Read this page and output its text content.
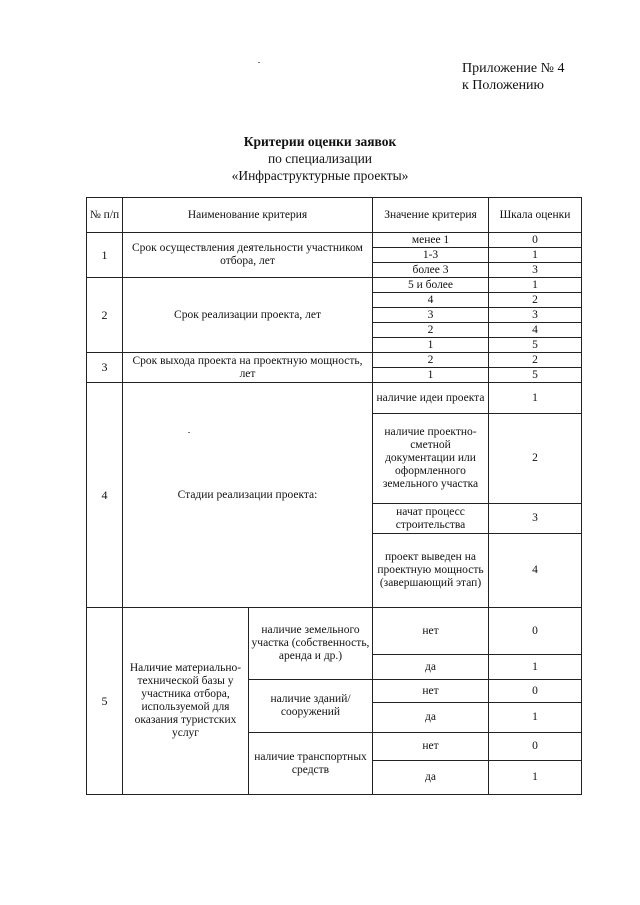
Приложение № 4
к Положению
Критерии оценки заявок
по специализации
«Инфраструктурные проекты»
№ п/п	Наименование критерия		Значение критерия	Шкала оценки
1	Срок осуществления деятельности участником отбора, лет		менее 1	0
			1-3	1
			более 3	3
2	Срок реализации проекта, лет		5 и более	1
			4	2
			3	3
			2	4
			1	5
3	Срок выхода проекта на проектную мощность, лет		2	2
			1	5
4	Стадии реализации проекта:		наличие идеи проекта	1
			наличие проектно-сметной документации или оформленного земельного участка	2
			начат процесс строительства	3
			проект выведен на проектную мощность (завершающий этап)	4
5	Наличие материально-технической базы у участника отбора, используемой для оказания туристских услуг	наличие земельного участка (собственность, аренда и др.)	нет	0
			да	1
		наличие зданий/сооружений	нет	0
			да	1
		наличие транспортных средств	нет	0
			да	1
